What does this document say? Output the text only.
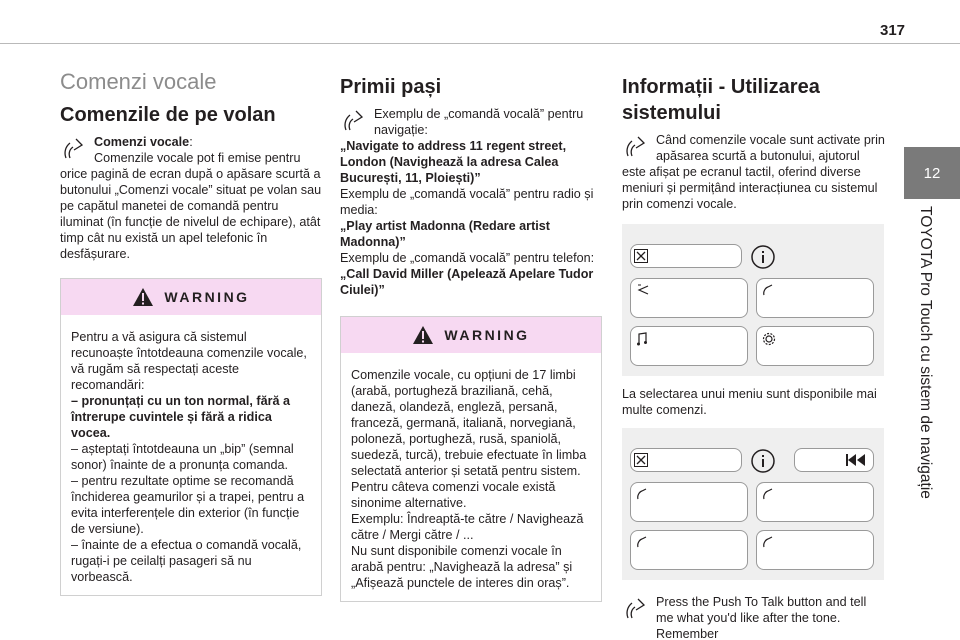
317
12
TOYOTA Pro Touch cu sistem de navigație
Comenzi vocale
Comenzile de pe volan

Comenzi vocale:

Comenzile vocale pot fi emise pentru orice pagină de ecran după o apăsare scurtă a butonului „Comenzi vocale” situat pe volan sau pe capătul manetei de comandă pentru iluminat (în funcție de nivelul de echipare), atât timp cât nu există un apel telefonic în desfășurare.

WARNING

Pentru a vă asigura că sistemul recunoaște întotdeauna comenzile vocale, vă rugăm să respectați aceste recomandări:

– pronunțați cu un ton normal, fără a întrerupe cuvintele și fără a ridica vocea.

– așteptați întotdeauna un „bip” (semnal sonor) înainte de a pronunța comanda.

– pentru rezultate optime se recomandă închiderea geamurilor și a trapei, pentru a evita interferențele din exterior (în funcție de versiune).

– înainte de a efectua o comandă vocală, rugați-i pe ceilalți pasageri să nu vorbească.

Primii pași

Exemplu de „comandă vocală” pentru navigație:

„Navigate to address 11 regent street, London (Navighează la adresa Calea București, 11, Ploiești)”

Exemplu de „comandă vocală” pentru radio și media:

„Play artist Madonna (Redare artist Madonna)”

Exemplu de „comandă vocală” pentru telefon:

„Call David Miller (Apelează Apelare Tudor Ciulei)”

WARNING

Comenzile vocale, cu opțiuni de 17 limbi (arabă, portugheză braziliană, cehă, daneză, olandeză, engleză, persană, franceză, germană, italiană, norvegiană, poloneză, portugheză, rusă, spaniolă, suedeză, turcă), trebuie efectuate în limba selectată anterior și setată pentru sistem.

Pentru câteva comenzi vocale există sinonime alternative.

Exemplu: Îndreaptă-te către / Navighează către / Mergi către / ...

Nu sunt disponibile comenzi vocale în arabă pentru: „Navighează la adresa” și „Afișează punctele de interes din oraș”.

Informații - Utilizarea sistemului

Când comenzile vocale sunt activate prin apăsarea scurtă a butonului, ajutorul este afișat pe ecranul tactil, oferind diverse meniuri și permițând interacțiunea cu sistemul prin comenzi vocale.

La selectarea unui meniu sunt disponibile mai multe comenzi.

Press the Push To Talk button and tell me what you'd like after the tone. Remember
